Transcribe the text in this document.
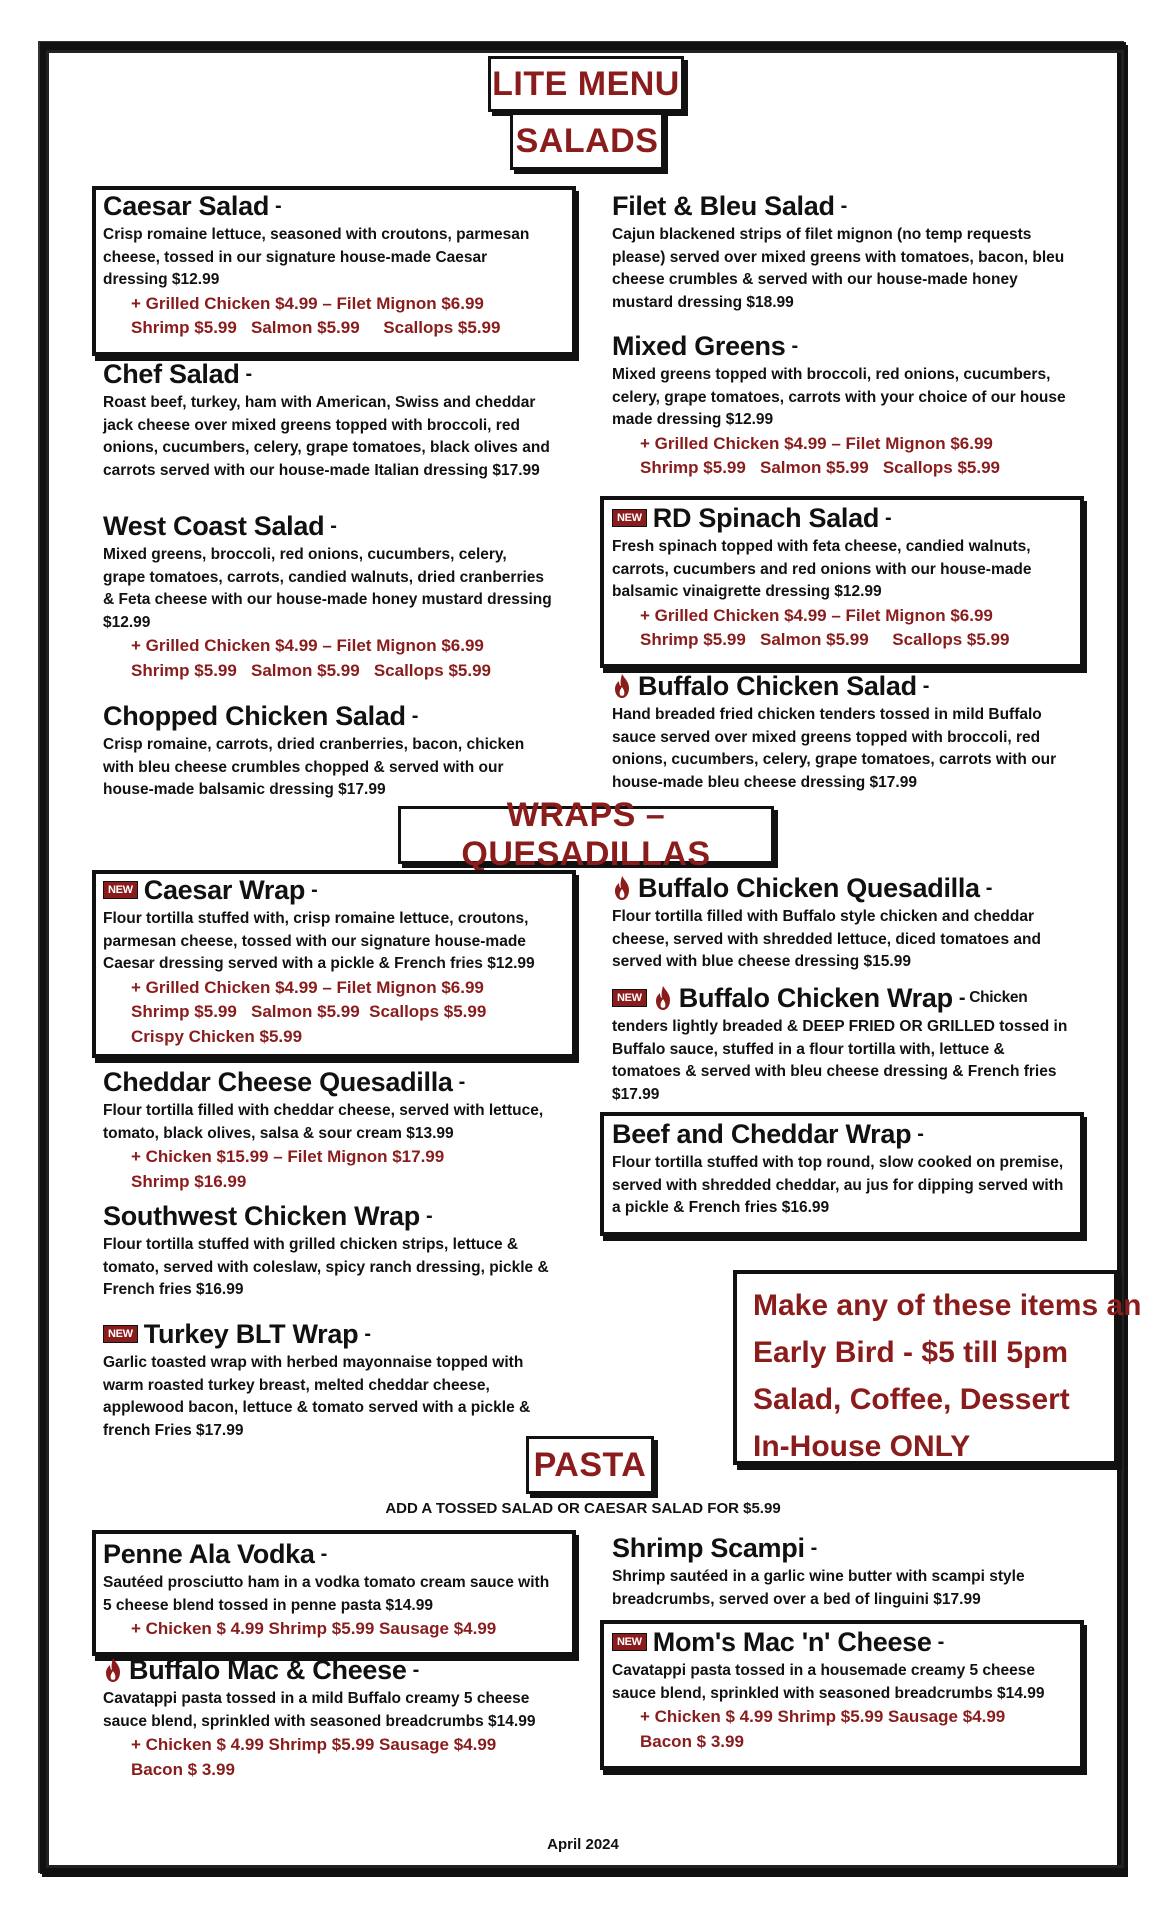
LITE MENU
SALADS
WRAPS – QUESADILLAS
PASTA
Caesar Salad -

Crisp romaine lettuce, seasoned with croutons, parmesan cheese, tossed in our signature house-made Caesar dressing $12.99

+ Grilled Chicken $4.99 – Filet Mignon $6.99
Shrimp $5.99   Salmon $5.99     Scallops $5.99
Chef Salad -

Roast beef, turkey, ham with American, Swiss and cheddar jack cheese over mixed greens topped with broccoli, red onions, cucumbers, celery, grape tomatoes, black olives and carrots served with our house-made Italian dressing $17.99

West Coast Salad -

Mixed greens, broccoli, red onions, cucumbers, celery, grape tomatoes, carrots, candied walnuts, dried cranberries & Feta cheese with our house-made honey mustard dressing $12.99

+ Grilled Chicken $4.99 – Filet Mignon $6.99
Shrimp $5.99   Salmon $5.99   Scallops $5.99
Chopped Chicken Salad -

Crisp romaine, carrots, dried cranberries, bacon, chicken with bleu cheese crumbles chopped & served with our house-made balsamic dressing $17.99

Filet & Bleu Salad -

Cajun blackened strips of filet mignon (no temp requests please) served over mixed greens with tomatoes, bacon, bleu cheese crumbles & served with our house-made honey mustard dressing $18.99

Mixed Greens -

Mixed greens topped with broccoli, red onions, cucumbers, celery, grape tomatoes, carrots with your choice of our house made dressing $12.99

+ Grilled Chicken $4.99 – Filet Mignon $6.99
Shrimp $5.99   Salmon $5.99   Scallops $5.99
NEW RD Spinach Salad -

Fresh spinach topped with feta cheese, candied walnuts, carrots, cucumbers and red onions with our house-made balsamic vinaigrette dressing $12.99

+ Grilled Chicken $4.99 – Filet Mignon $6.99
Shrimp $5.99   Salmon $5.99     Scallops $5.99
Buffalo Chicken Salad -

Hand breaded fried chicken tenders tossed in mild Buffalo sauce served over mixed greens topped with broccoli, red onions, cucumbers, celery, grape tomatoes, carrots with our house-made bleu cheese dressing $17.99

NEW Caesar Wrap -

Flour tortilla stuffed with, crisp romaine lettuce, croutons, parmesan cheese, tossed with our signature house-made Caesar dressing served with a pickle & French fries $12.99

+ Grilled Chicken $4.99 – Filet Mignon $6.99
Shrimp $5.99   Salmon $5.99  Scallops $5.99
Crispy Chicken $5.99
Cheddar Cheese Quesadilla -

Flour tortilla filled with cheddar cheese, served with lettuce, tomato, black olives, salsa & sour cream $13.99

+ Chicken $15.99 – Filet Mignon $17.99
Shrimp $16.99
Southwest Chicken Wrap -

Flour tortilla stuffed with grilled chicken strips, lettuce & tomato, served with coleslaw, spicy ranch dressing, pickle & French fries $16.99

NEW Turkey BLT Wrap -

Garlic toasted wrap with herbed mayonnaise topped with warm roasted turkey breast, melted cheddar cheese, applewood bacon, lettuce & tomato served with a pickle & french Fries $17.99

Buffalo Chicken Quesadilla -

Flour tortilla filled with Buffalo style chicken and cheddar cheese, served with shredded lettuce, diced tomatoes and served with blue cheese dressing $15.99

NEW Buffalo Chicken Wrap - Chicken

tenders lightly breaded & DEEP FRIED OR GRILLED tossed in Buffalo sauce, stuffed in a flour tortilla with, lettuce & tomatoes & served with bleu cheese dressing & French fries $17.99

Beef and Cheddar Wrap -

Flour tortilla stuffed with top round, slow cooked on premise, served with shredded cheddar, au jus for dipping served with a pickle & French fries $16.99

Make any of these items an
Early Bird - $5 till 5pm
Salad, Coffee, Dessert
In-House ONLY
ADD A TOSSED SALAD OR CAESAR SALAD FOR $5.99
Penne Ala Vodka -

Sautéed prosciutto ham in a vodka tomato cream sauce with 5 cheese blend tossed in penne pasta $14.99

+ Chicken $ 4.99 Shrimp $5.99 Sausage $4.99
Buffalo Mac & Cheese -

Cavatappi pasta tossed in a mild Buffalo creamy 5 cheese sauce blend, sprinkled with seasoned breadcrumbs $14.99

+ Chicken $ 4.99 Shrimp $5.99 Sausage $4.99
Bacon $ 3.99
Shrimp Scampi -

Shrimp sautéed in a garlic wine butter with scampi style breadcrumbs, served over a bed of linguini $17.99

NEW Mom's Mac 'n' Cheese -

Cavatappi pasta tossed in a housemade creamy 5 cheese sauce blend, sprinkled with seasoned breadcrumbs $14.99

+ Chicken $ 4.99 Shrimp $5.99 Sausage $4.99
Bacon $ 3.99
April 2024
